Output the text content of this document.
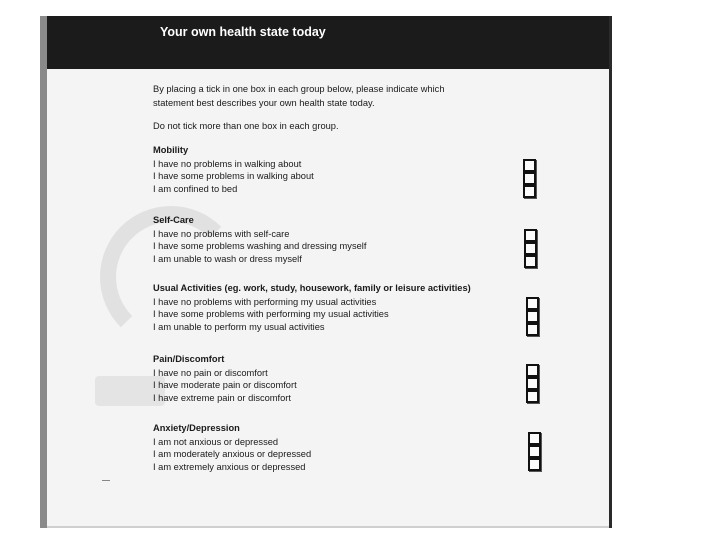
Your own health state today

By placing a tick in one box in each group below, please indicate which

statement best describes your own health state today.

Do not tick more than one box in each group.

Mobility
I have no problems in walking about
I have some problems in walking about
I am confined to bed
Self-Care
I have no problems with self-care
I have some problems washing and dressing myself
I am unable to wash or dress myself
Usual Activities (eg. work, study, housework, family or leisure activities)
I have no problems with performing my usual activities
I have some problems with performing my usual activities
I am unable to perform my usual activities
Pain/Discomfort
I have no pain or discomfort
I have moderate pain or discomfort
I have extreme pain or discomfort
Anxiety/Depression
I am not anxious or depressed
I am moderately anxious or depressed
I am extremely anxious or depressed
